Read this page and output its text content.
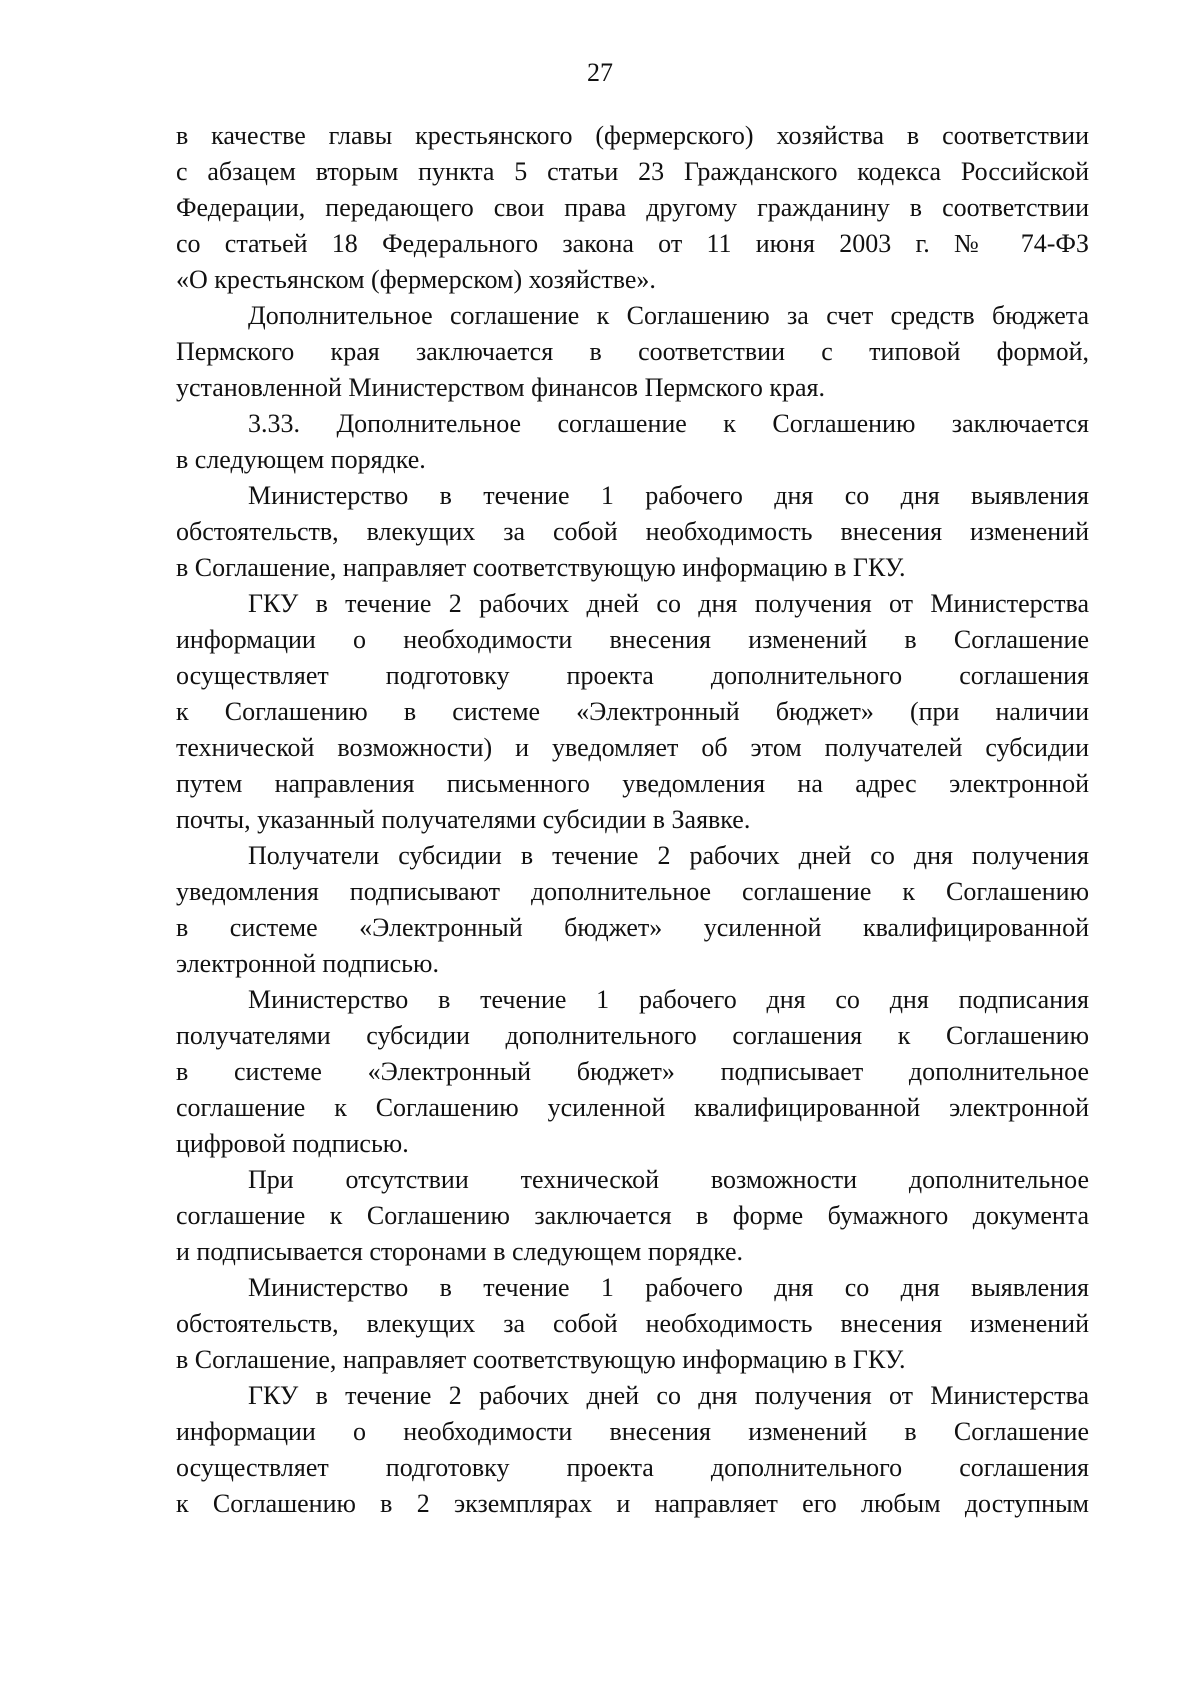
27
в качестве главы крестьянского (фермерского) хозяйства в соответствии
с абзацем вторым пункта 5 статьи 23 Гражданского кодекса Российской
Федерации, передающего свои права другому гражданину в соответствии
со статьей 18 Федерального закона от 11 июня 2003 г. № 74-ФЗ
«О крестьянском (фермерском) хозяйстве».
Дополнительное соглашение к Соглашению за счет средств бюджета
Пермского края заключается в соответствии с типовой формой,
установленной Министерством финансов Пермского края.
3.33. Дополнительное соглашение к Соглашению заключается
в следующем порядке.
Министерство в течение 1 рабочего дня со дня выявления
обстоятельств, влекущих за собой необходимость внесения изменений
в Соглашение, направляет соответствующую информацию в ГКУ.
ГКУ в течение 2 рабочих дней со дня получения от Министерства
информации о необходимости внесения изменений в Соглашение
осуществляет подготовку проекта дополнительного соглашения
к Соглашению в системе «Электронный бюджет» (при наличии
технической возможности) и уведомляет об этом получателей субсидии
путем направления письменного уведомления на адрес электронной
почты, указанный получателями субсидии в Заявке.
Получатели субсидии в течение 2 рабочих дней со дня получения
уведомления подписывают дополнительное соглашение к Соглашению
в системе «Электронный бюджет» усиленной квалифицированной
электронной подписью.
Министерство в течение 1 рабочего дня со дня подписания
получателями субсидии дополнительного соглашения к Соглашению
в системе «Электронный бюджет» подписывает дополнительное
соглашение к Соглашению усиленной квалифицированной электронной
цифровой подписью.
При отсутствии технической возможности дополнительное
соглашение к Соглашению заключается в форме бумажного документа
и подписывается сторонами в следующем порядке.
Министерство в течение 1 рабочего дня со дня выявления
обстоятельств, влекущих за собой необходимость внесения изменений
в Соглашение, направляет соответствующую информацию в ГКУ.
ГКУ в течение 2 рабочих дней со дня получения от Министерства
информации о необходимости внесения изменений в Соглашение
осуществляет подготовку проекта дополнительного соглашения
к Соглашению в 2 экземплярах и направляет его любым доступным
